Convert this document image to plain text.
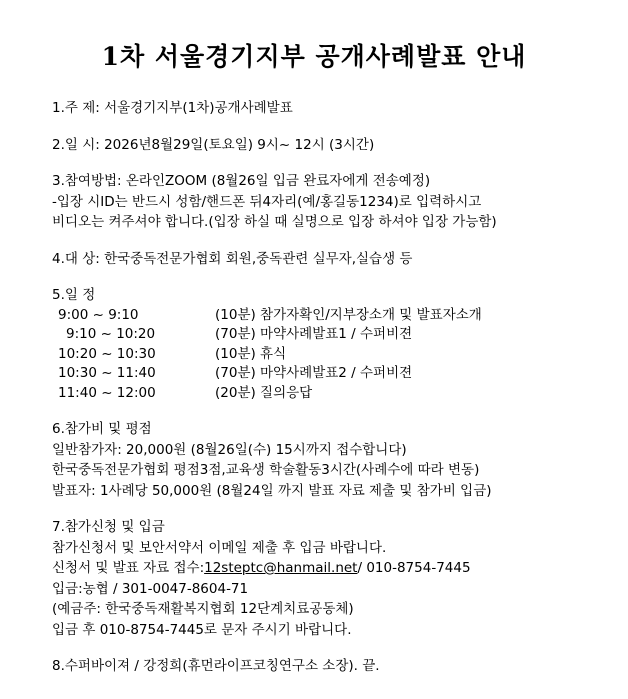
1차 서울경기지부 공개사례발표 안내
1.주 제: 서울경기지부(1차)공개사례발표
2.일 시: 2026년8월29일(토요일) 9시~ 12시 (3시간)
3.참여방법: 온라인ZOOM (8월26일 입금 완료자에게 전송예정)
-입장 시ID는 반드시 성함/핸드폰 뒤4자리(예/홍길동1234)로 입력하시고
비디오는 켜주셔야 합니다.(입장 하실 때 실명으로 입장 하셔야 입장 가능함)
4.대 상: 한국중독전문가협회 회원,중독관련 실무자,실습생 등
5.일 정
9:00 ~ 9:10	(10분) 참가자확인/지부장소개 및 발표자소개
9:10 ~ 10:20	(70분) 마약사례발표1 / 수퍼비젼
10:20 ~ 10:30	(10분) 휴식
10:30 ~ 11:40	(70분) 마약사례발표2 / 수퍼비젼
11:40 ~ 12:00	(20분) 질의응답
6.참가비 및 평점
일반참가자: 20,000원 (8월26일(수) 15시까지 접수합니다)
한국중독전문가협회 평점3점,교육생 학술활동3시간(사례수에 따라 변동)
발표자: 1사례당 50,000원 (8월24일 까지 발표 자료 제출 및 참가비 입금)
7.참가신청 및 입금
참가신청서 및 보안서약서 이메일 제출 후 입금 바랍니다.
신청서 및 발표 자료 접수:12steptc@hanmail.net/ 010-8754-7445
입금:농협 / 301-0047-8604-71
(예금주: 한국중독재활복지협회 12단계치료공동체)
입금 후 010-8754-7445로 문자 주시기 바랍니다.
8.수퍼바이져 / 강정희(휴먼라이프코칭연구소 소장). 끝.
